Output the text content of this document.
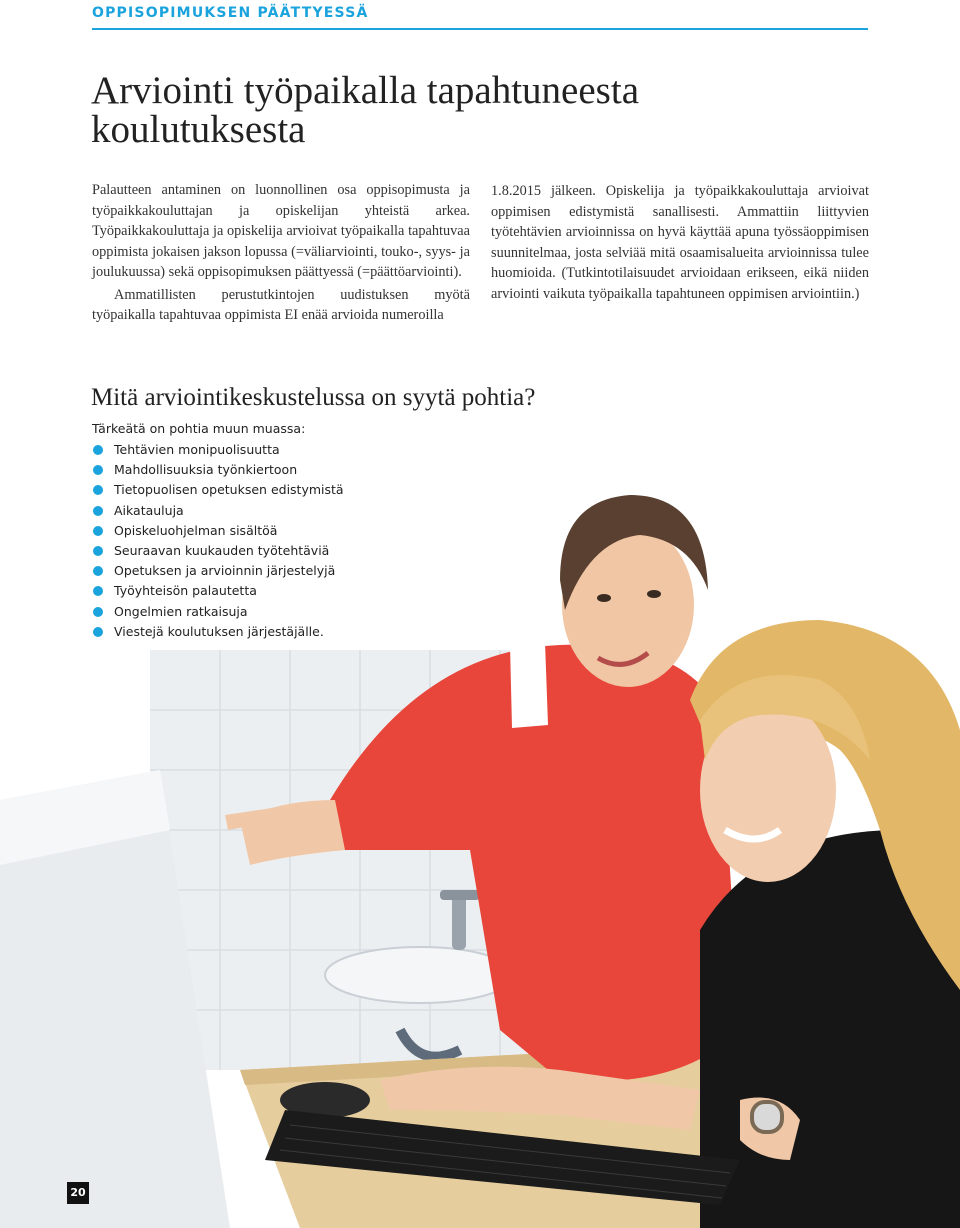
OPPISOPIMUKSEN PÄÄTTYESSÄ
Arviointi työpaikalla tapahtuneesta koulutuksesta

Palautteen antaminen on luonnollinen osa oppisopimusta ja työpaikkakouluttajan ja opiskelijan yhteistä arkea. Työpaikkakouluttaja ja opiskelija arvioivat työpaikalla tapahtuvaa oppimista jokaisen jakson lopussa (=väliarviointi, touko-, syys- ja joulukuussa) sekä oppisopimuksen päättyessä (=päättöarviointi).

Ammatillisten perustutkintojen uudistuksen myötä työpaikalla tapahtuvaa oppimista EI enää arvioida numeroilla

1.8.2015 jälkeen. Opiskelija ja työpaikkakouluttaja arvioivat oppimisen edistymistä sanallisesti. Ammattiin liittyvien työtehtävien arvioinnissa on hyvä käyttää apuna työssäoppimisen suunnitelmaa, josta selviää mitä osaamisalueita arvioinnissa tulee huomioida. (Tutkintotilaisuudet arvioidaan erikseen, eikä niiden arviointi vaikuta työpaikalla tapahtuneen oppimisen arviointiin.)

Mitä arviointikeskustelussa on syytä pohtia?
Tärkeätä on pohtia muun muassa:
Tehtävien monipuolisuutta
Mahdollisuuksia työnkiertoon
Tietopuolisen opetuksen edistymistä
Aikatauluja
Opiskeluohjelman sisältöä
Seuraavan kuukauden työtehtäviä
Opetuksen ja arvioinnin järjestelyjä
Työyhteisön palautetta
Ongelmien ratkaisuja
Viestejä koulutuksen järjestäjälle.
20
